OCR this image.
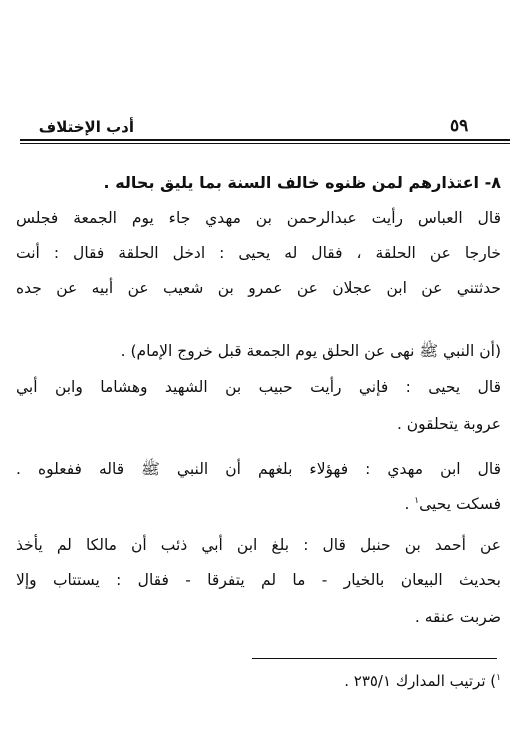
أدب الإختلاف	٥٩
٨- اعتذارهم لمن ظنوه خالف السنة بما يليق بحاله .
قال العباس رأيت عبدالرحمن بن مهدي جاء يوم الجمعة فجلس
خارجا عن الحلقة ، فقال له يحيى : ادخل الحلقة فقال : أنت
حدثتني عن ابن عجلان عن عمرو بن شعيب عن أبيه عن جده
(أن النبي ﷺ نهى عن الحلق يوم الجمعة قبل خروج الإمام) .
قال يحيى : فإني رأيت حبيب بن الشهيد وهشاما وابن أبي
عروبة يتحلقون .
قال ابن مهدي : فهؤلاء بلغهم أن النبي ﷺ قاله ففعلوه .
فسكت يحيى$^١$ .
عن أحمد بن حنبل قال : بلغ ابن أبي ذئب أن مالكا لم يأخذ
بحديث البيعان بالخيار - ما لم يتفرقا - فقال : يستتاب وإلا
ضربت عنقه .
$^١$) ترتيب المدارك ٢٣٥/١ .
